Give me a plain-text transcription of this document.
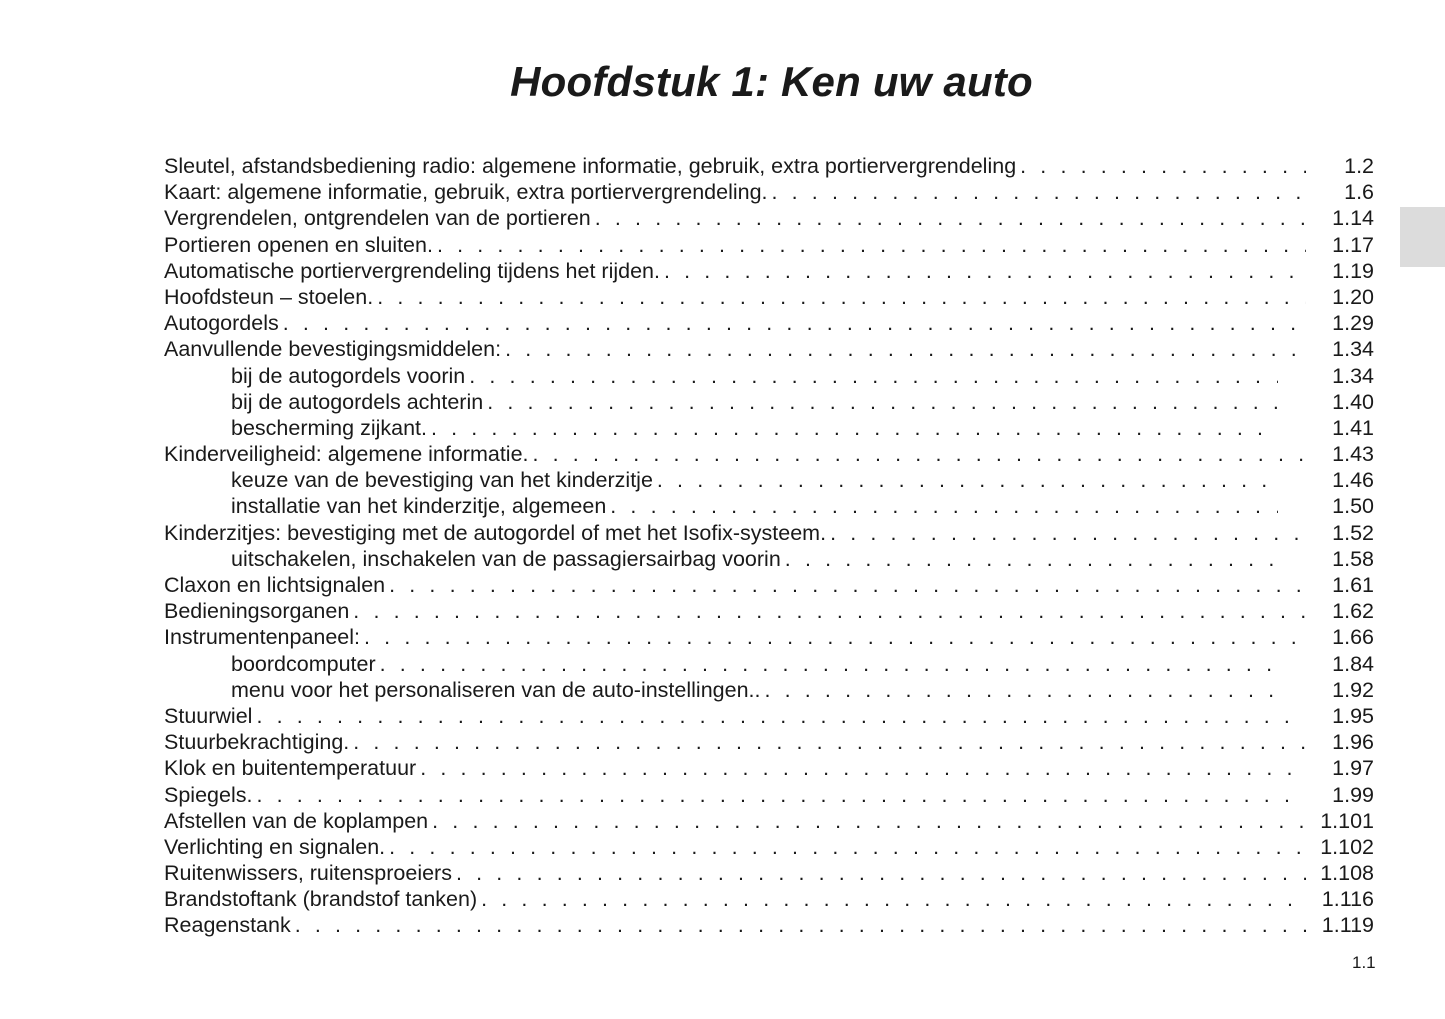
Hoofdstuk 1: Ken uw auto
Sleutel, afstandsbediening radio: algemene informatie, gebruik, extra portiervergrendeling . . .	1.2
Kaart: algemene informatie, gebruik, extra portiervergrendeling. . . .	1.6
Vergrendelen, ontgrendelen van de portieren . . .	1.14
Portieren openen en sluiten. . . .	1.17
Automatische portiervergrendeling tijdens het rijden. . . .	1.19
Hoofdsteun – stoelen. . . .	1.20
Autogordels . . .	1.29
Aanvullende bevestigingsmiddelen: . . .	1.34
bij de autogordels voorin . . .	1.34
bij de autogordels achterin . . .	1.40
bescherming zijkant. . . .	1.41
Kinderveiligheid: algemene informatie. . . .	1.43
keuze van de bevestiging van het kinderzitje . . .	1.46
installatie van het kinderzitje, algemeen . . .	1.50
Kinderzitjes: bevestiging met de autogordel of met het Isofix-systeem. . . .	1.52
uitschakelen, inschakelen van de passagiersairbag voorin . . .	1.58
Claxon en lichtsignalen . . .	1.61
Bedieningsorganen . . .	1.62
Instrumentenpaneel: . . .	1.66
boordcomputer . . .	1.84
menu voor het personaliseren van de auto-instellingen.. . . .	1.92
Stuurwiel . . .	1.95
Stuurbekrachtiging. . . .	1.96
Klok en buitentemperatuur . . .	1.97
Spiegels. . . .	1.99
Afstellen van de koplampen . . .	1.101
Verlichting en signalen. . . .	1.102
Ruitenwissers, ruitensproeiers . . .	1.108
Brandstoftank (brandstof tanken) . . .	1.116
Reagenstank . . .	1.119
1.1
